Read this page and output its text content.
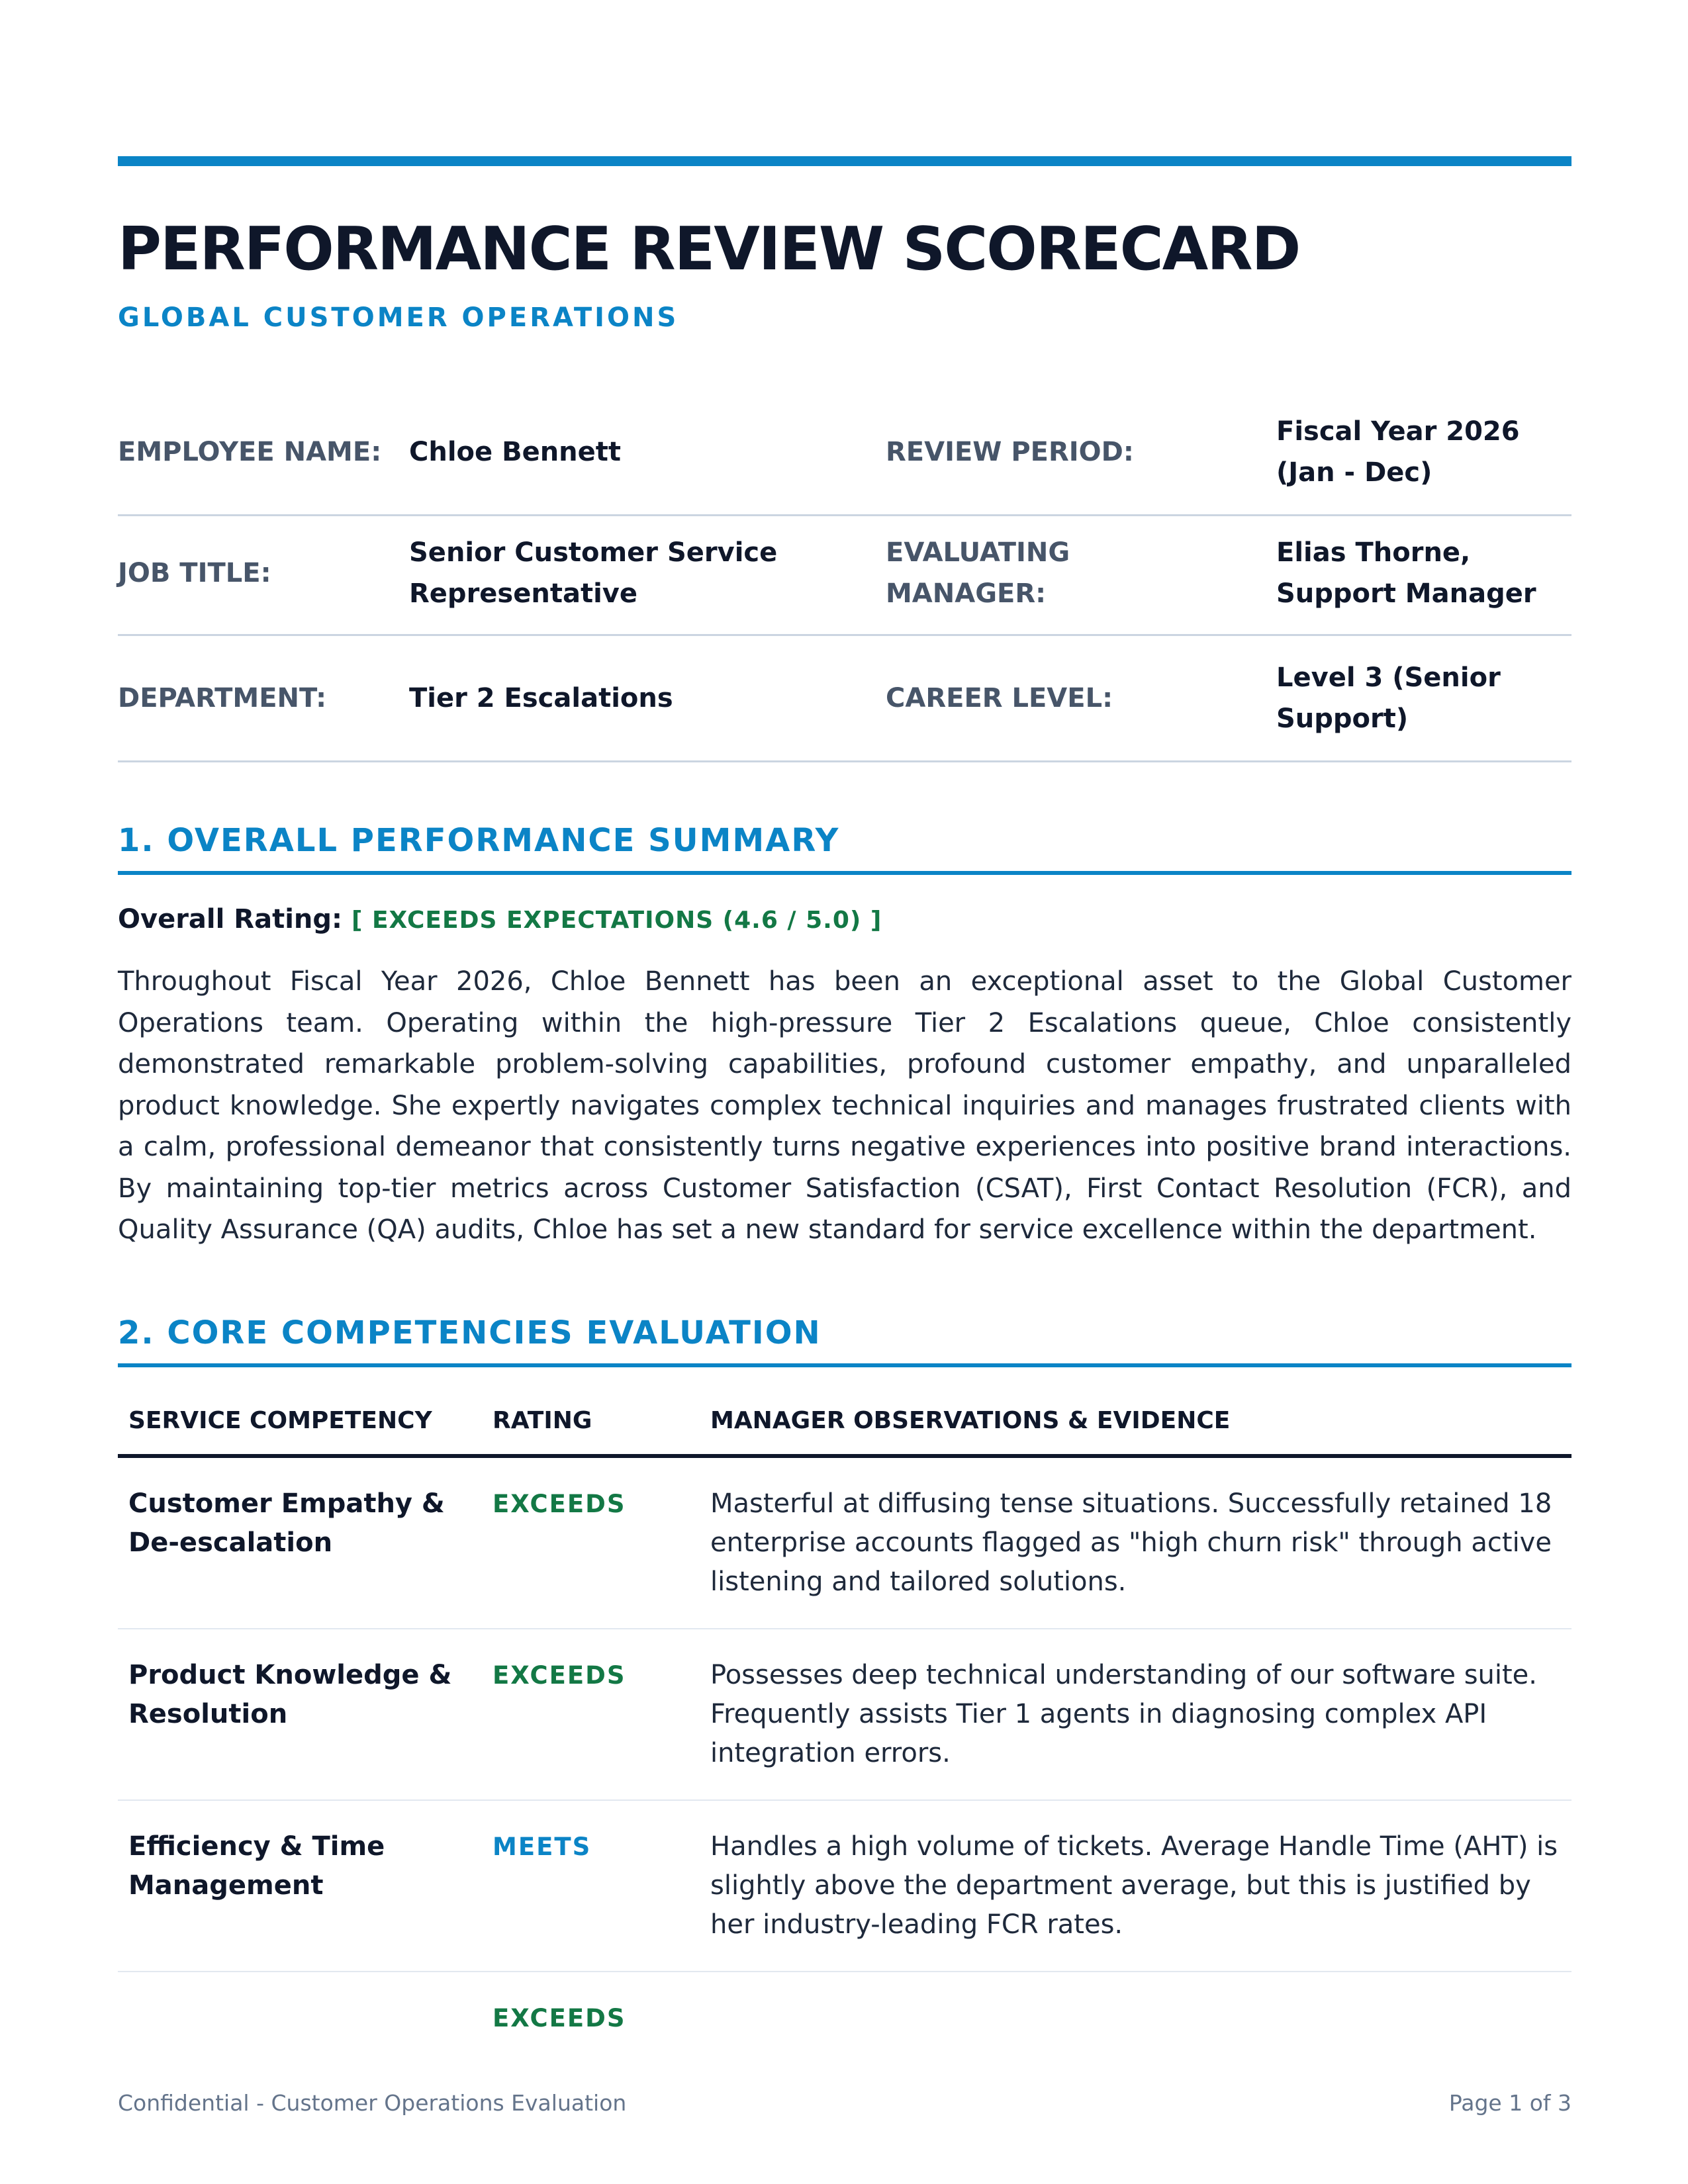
PERFORMANCE REVIEW SCORECARD
GLOBAL CUSTOMER OPERATIONS
EMPLOYEE NAME:	Chloe Bennett	REVIEW PERIOD:	Fiscal Year 2026 (Jan - Dec)
JOB TITLE:	Senior Customer Service Representative	EVALUATING MANAGER:	Elias Thorne, Support Manager
DEPARTMENT:	Tier 2 Escalations	CAREER LEVEL:	Level 3 (Senior Support)
1. OVERALL PERFORMANCE SUMMARY
Overall Rating: [ EXCEEDS EXPECTATIONS (4.6 / 5.0) ]
Throughout Fiscal Year 2026, Chloe Bennett has been an exceptional asset to the Global Customer Operations team. Operating within the high-pressure Tier 2 Escalations queue, Chloe consistently demonstrated remarkable problem-solving capabilities, profound customer empathy, and unparalleled product knowledge. She expertly navigates complex technical inquiries and manages frustrated clients with a calm, professional demeanor that consistently turns negative experiences into positive brand interactions. By maintaining top-tier metrics across Customer Satisfaction (CSAT), First Contact Resolution (FCR), and Quality Assurance (QA) audits, Chloe has set a new standard for service excellence within the department.
2. CORE COMPETENCIES EVALUATION
SERVICE COMPETENCY	RATING	MANAGER OBSERVATIONS & EVIDENCE
Customer Empathy & De-escalation	EXCEEDS	Masterful at diffusing tense situations. Successfully retained 18 enterprise accounts flagged as "high churn risk" through active listening and tailored solutions.
Product Knowledge & Resolution	EXCEEDS	Possesses deep technical understanding of our software suite. Frequently assists Tier 1 agents in diagnosing complex API integration errors.
Efficiency & Time Management	MEETS	Handles a high volume of tickets. Average Handle Time (AHT) is slightly above the department average, but this is justified by her industry-leading FCR rates.
	EXCEEDS	
Confidential - Customer Operations Evaluation	Page 1 of 3
